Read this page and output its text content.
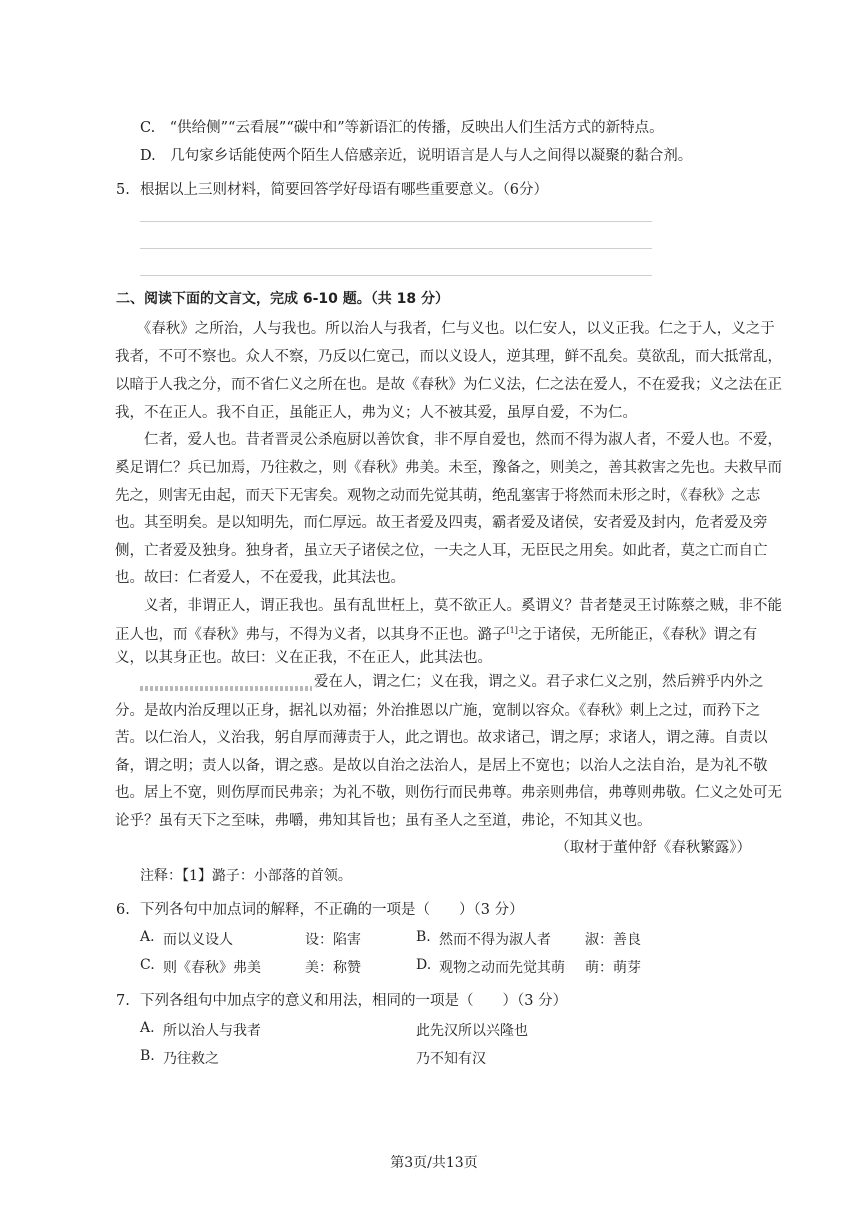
C.　“供给侧”“云看展”“碳中和”等新语汇的传播，反映出人们生活方式的新特点。
D.　几句家乡话能使两个陌生人倍感亲近，说明语言是人与人之间得以凝聚的黏合剂。
5. 根据以上三则材料，简要回答学好母语有哪些重要意义。（6分）
二、阅读下面的文言文，完成 6-10 题。（共 18 分）
　　《春秋》之所治，人与我也。所以治人与我者，仁与义也。以仁安人，以义正我。仁之于人，义之于
我者，不可不察也。众人不察，乃反以仁宽己，而以义设人，逆其理，鲜不乱矣。莫欲乱，而大抵常乱，
以暗于人我之分，而不省仁义之所在也。是故《春秋》为仁义法，仁之法在爱人，不在爱我；义之法在正
我，不在正人。我不自正，虽能正人，弗为义；人不被其爱，虽厚自爱，不为仁。
　　仁者，爱人也。昔者晋灵公杀庖厨以善饮食，非不厚自爱也，然而不得为淑人者，不爱人也。不爱，
奚足谓仁？兵已加焉，乃往救之，则《春秋》弗美。未至，豫备之，则美之，善其救害之先也。夫救早而
先之，则害无由起，而天下无害矣。观物之动而先觉其萌，绝乱塞害于将然而未形之时，《春秋》之志
也。其至明矣。是以知明先，而仁厚远。故王者爱及四夷，霸者爱及诸侯，安者爱及封内，危者爱及旁
侧，亡者爱及独身。独身者，虽立天子诸侯之位，一夫之人耳，无臣民之用矣。如此者，莫之亡而自亡
也。故曰：仁者爱人，不在爱我，此其法也。
　　义者，非谓正人，谓正我也。虽有乱世枉上，莫不欲正人。奚谓义？昔者楚灵王讨陈蔡之贼，非不能
正人也，而《春秋》弗与，不得为义者，以其身不正也。潞子[1]之于诸侯，无所能正，《春秋》谓之有
义，以其身正也。故曰：义在正我，不在正人，此其法也。
爱在人，谓之仁；义在我，谓之义。君子求仁义之别，然后辨乎内外之
分。是故内治反理以正身，据礼以劝福；外治推恩以广施，宽制以容众。《春秋》刺上之过，而矜下之
苦。以仁治人，义治我，躬自厚而薄责于人，此之谓也。故求诸己，谓之厚；求诸人，谓之薄。自责以
备，谓之明；责人以备，谓之惑。是故以自治之法治人，是居上不宽也；以治人之法自治，是为礼不敬
也。居上不宽，则伤厚而民弗亲；为礼不敬，则伤行而民弗尊。弗亲则弗信，弗尊则弗敬。仁义之处可无
论乎？虽有天下之至味，弗嚼，弗知其旨也；虽有圣人之至道，弗论，不知其义也。
（取材于董仲舒《春秋繁露》）
注释：【1】潞子：小部落的首领。
6. 下列各句中加点词的解释，不正确的一项是（　　）（3 分）
A. 而以义设人	设：陷害	B. 然而不得为淑人者 淑：善良
C. 则《春秋》弗美	美：称赞	D. 观物之动而先觉其萌 萌：萌芽
7. 下列各组句中加点字的意义和用法，相同的一项是（　　）（3 分）
A. 所以治人与我者	此先汉所以兴隆也
B. 乃往救之	乃不知有汉
第3页/共13页
